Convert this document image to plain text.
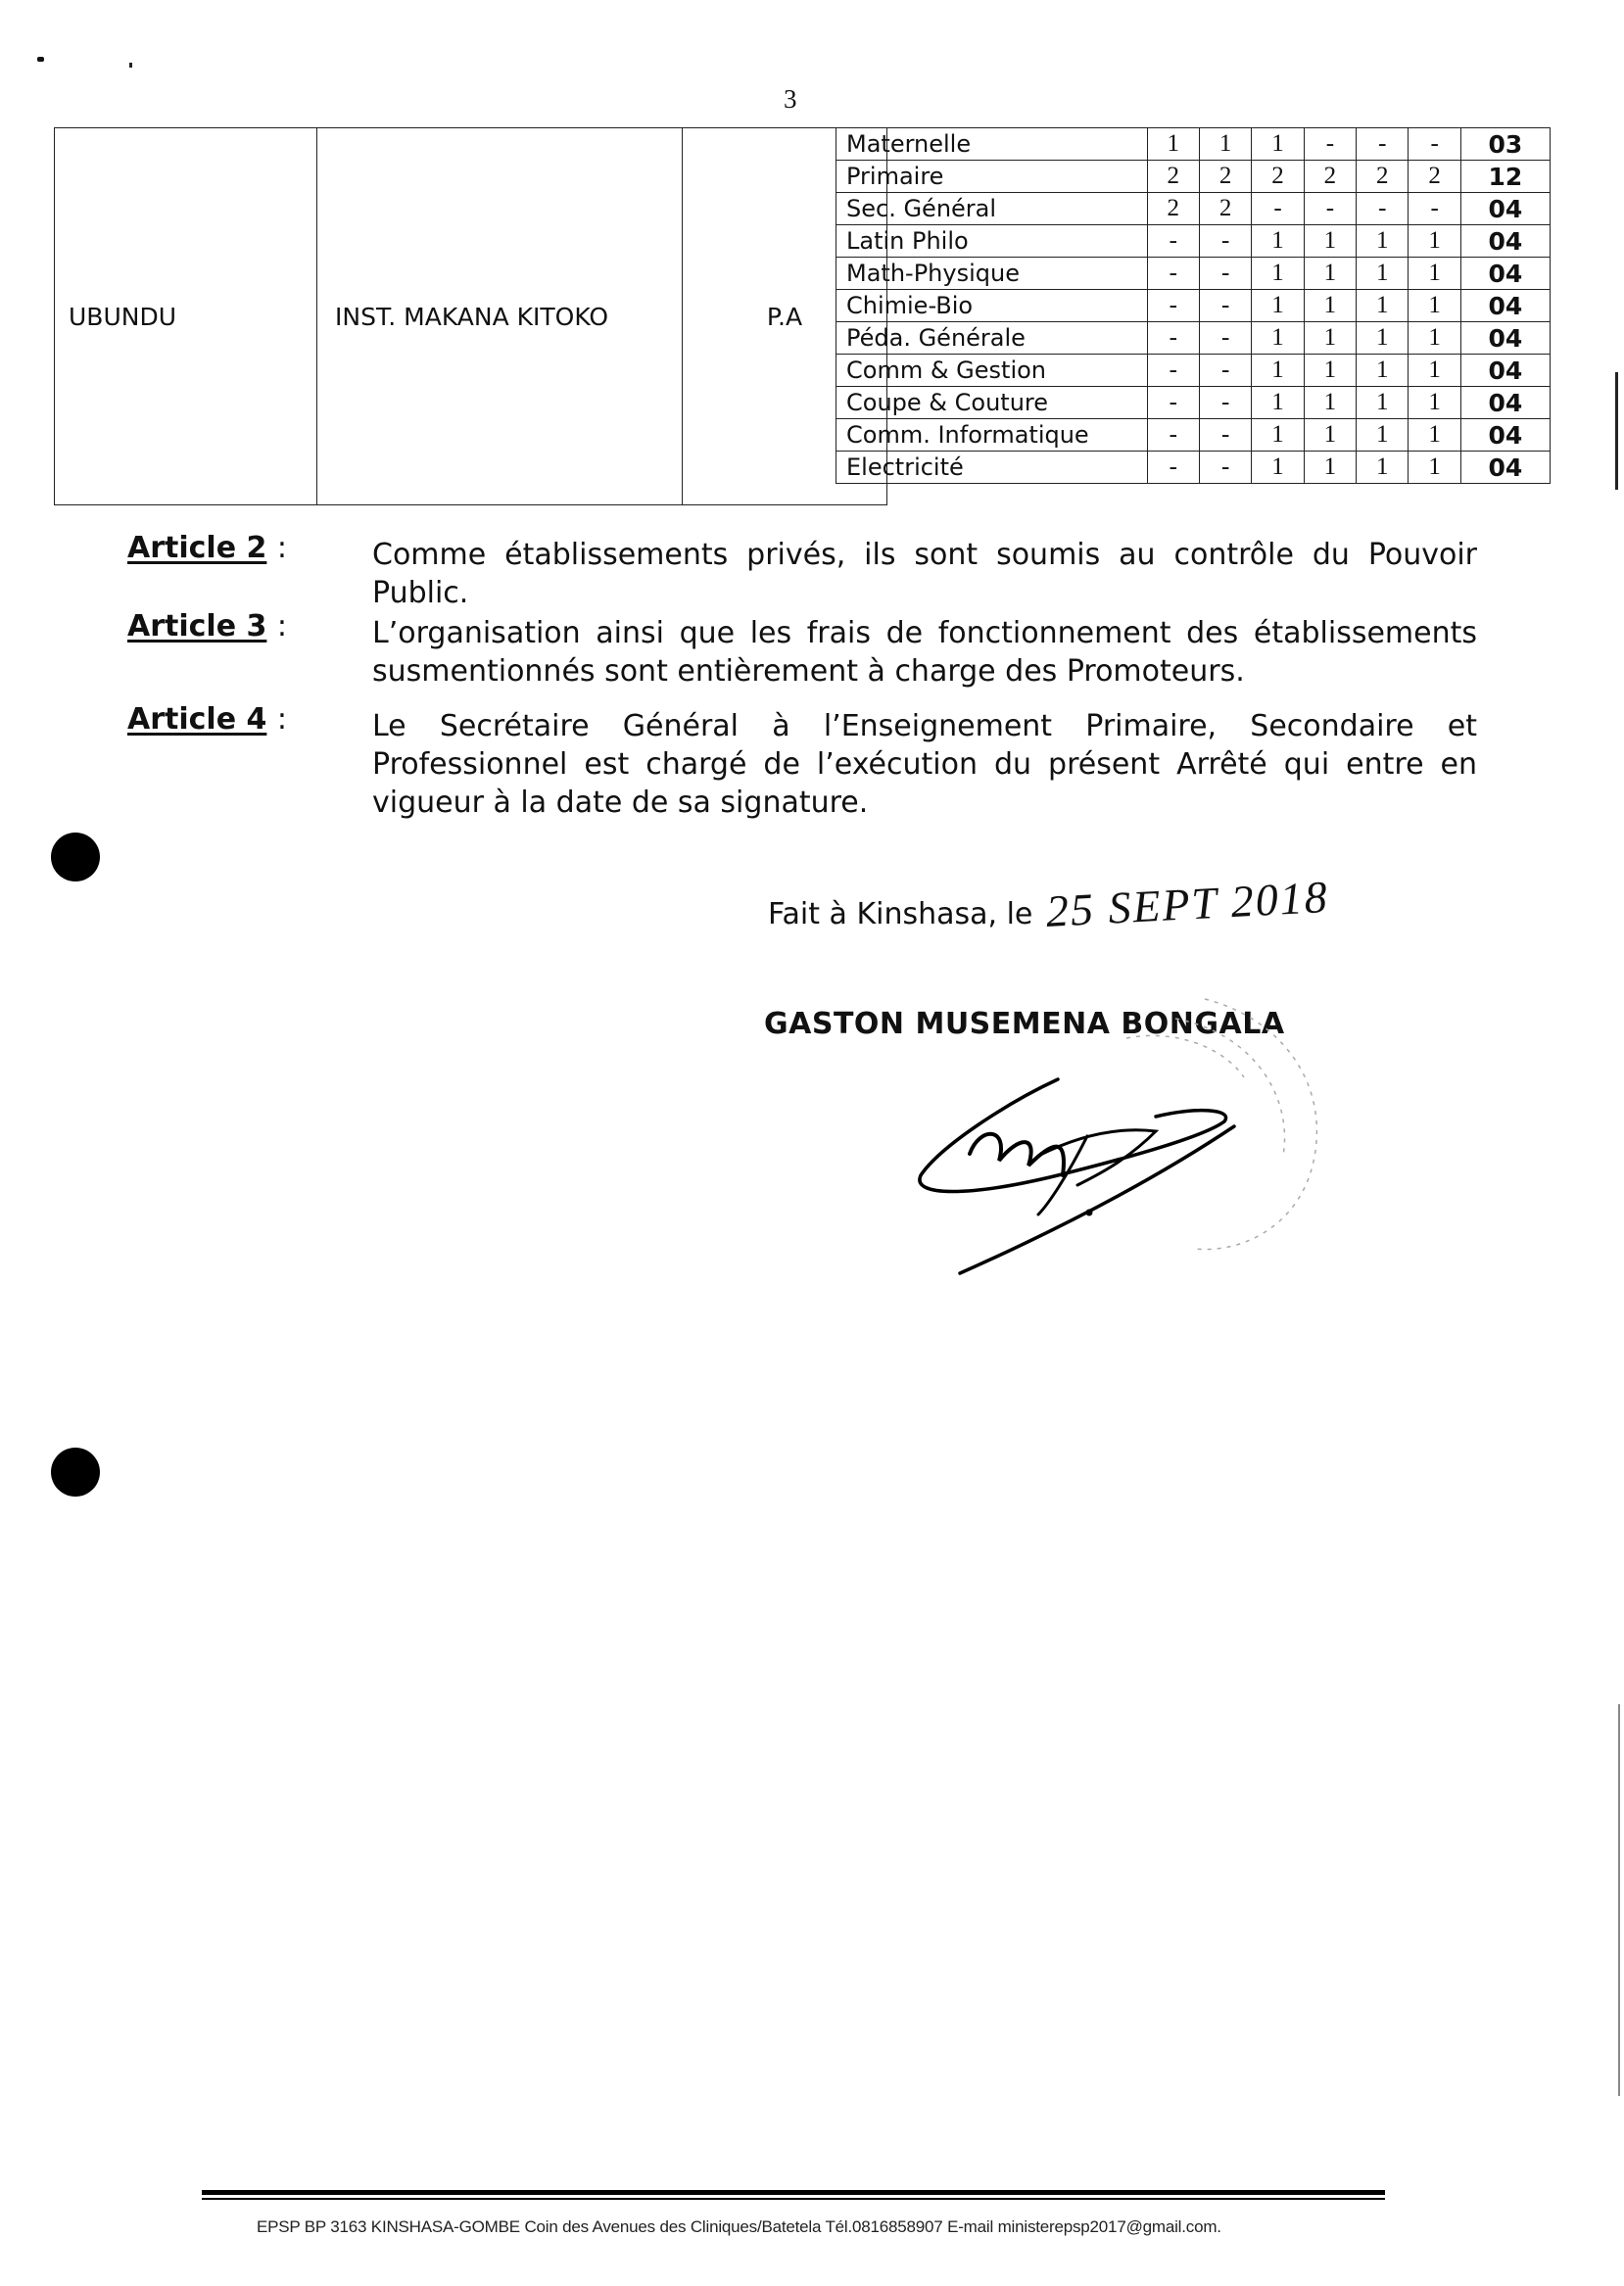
3
UBUNDU	INST. MAKANA KITOKO	P.A
Maternelle	1	1	1	-	-	-	03
Primaire	2	2	2	2	2	2	12
Sec. Général	2	2	-	-	-	-	04
Latin Philo	-	-	1	1	1	1	04
Math-Physique	-	-	1	1	1	1	04
Chimie-Bio	-	-	1	1	1	1	04
Péda. Générale	-	-	1	1	1	1	04
Comm & Gestion	-	-	1	1	1	1	04
Coupe & Couture	-	-	1	1	1	1	04
Comm. Informatique	-	-	1	1	1	1	04
Electricité	-	-	1	1	1	1	04
Article 2 :	Comme établissements privés, ils sont soumis au contrôle du Pouvoir Public.
Article 3 :	L’organisation ainsi que les frais de fonctionnement des établissements susmentionnés sont entièrement à charge des Promoteurs.
Article 4 :	Le Secrétaire Général à l’Enseignement Primaire, Secondaire et Professionnel est chargé de l’exécution du présent Arrêté qui entre en vigueur à la date de sa signature.
Fait à Kinshasa, le 25 SEPT 2018
GASTON MUSEMENA BONGALA
EPSP BP 3163 KINSHASA-GOMBE Coin des Avenues des Cliniques/Batetela Tél.0816858907 E-mail ministerepsp2017@gmail.com.
